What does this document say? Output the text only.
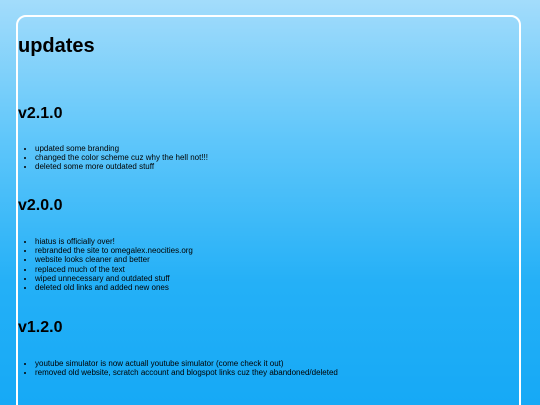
updates
v2.1.0
• updated some branding
• changed the color scheme cuz why the hell not!!!
• deleted some more outdated stuff
v2.0.0
• hiatus is officially over!
• rebranded the site to omegalex.neocities.org
• website looks cleaner and better
• replaced much of the text
• wiped unnecessary and outdated stuff
• deleted old links and added new ones
v1.2.0
• youtube simulator is now actuall youtube simulator (come check it out)
• removed old website, scratch account and blogspot links cuz they abandoned/deleted
